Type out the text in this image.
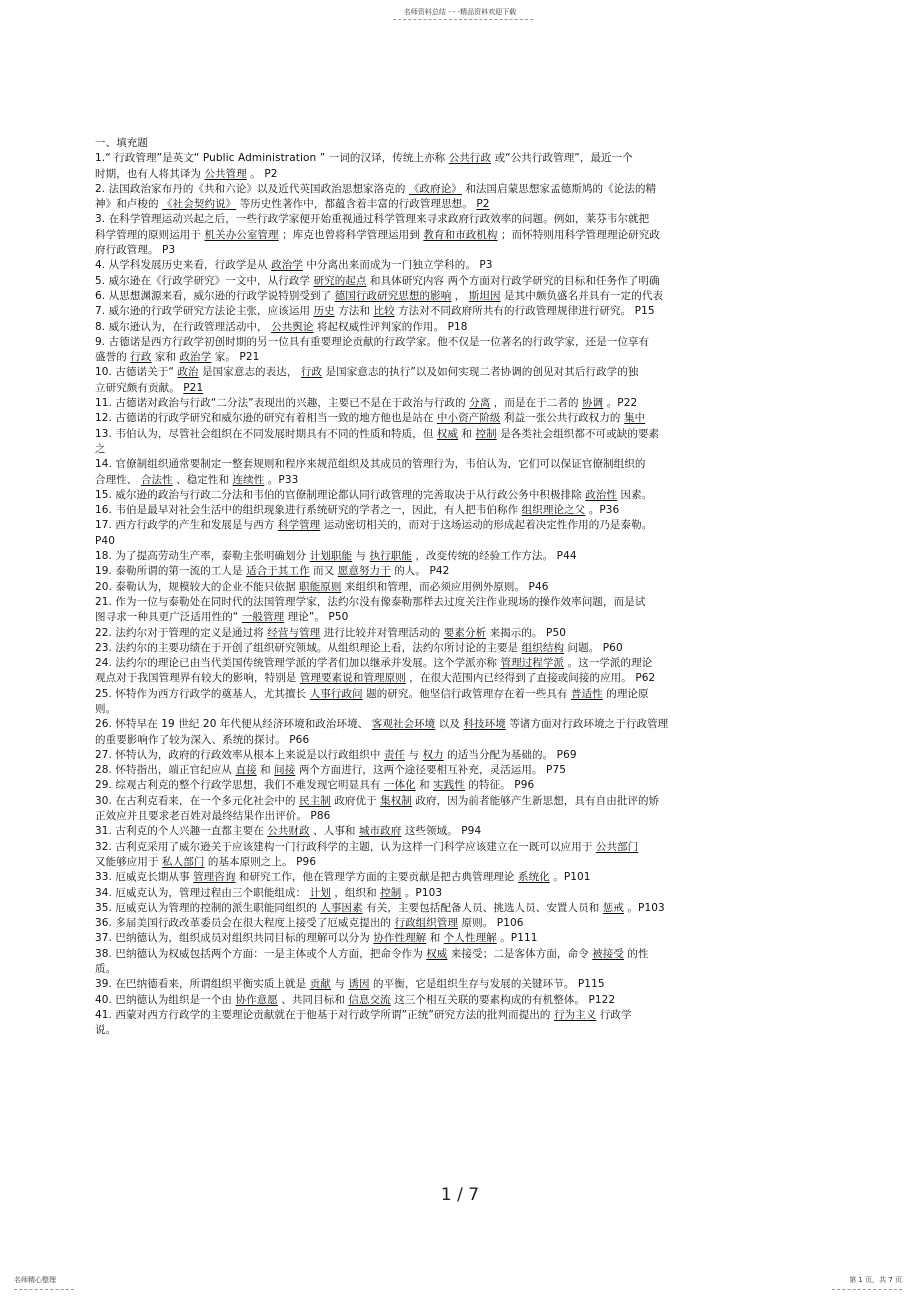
名师资料总结 - - -精品资料欢迎下载
一、填充题
1.“ 行政管理”是英文“ Public Administration ” 一词的汉译，传统上亦称 公共行政 或“公共行政管理”，最近一个
时期，也有人将其译为 公共管理 。 P2
2. 法国政治家布丹的《共和六论》以及近代英国政治思想家洛克的 《政府论》 和法国启蒙思想家孟德斯鸠的《论法的精
神》和卢梭的 《社会契约说》 等历史性著作中，都蕴含着丰富的行政管理思想。 P2
3. 在科学管理运动兴起之后，一些行政学家便开始重视通过科学管理来寻求政府行政效率的问题。例如，莱芬韦尔就把
科学管理的原则运用于 机关办公室管理 ；库克也曾将科学管理运用到 教育和市政机构 ；而怀特则用科学管理理论研究政
府行政管理。 P3
4. 从学科发展历史来看，行政学是从 政治学 中分离出来而成为一门独立学科的。 P3
5. 威尔逊在《行政学研究》一文中，从行政学 研究的起点 和具体研究内容 两个方面对行政学研究的目标和任务作了明确
6. 从思想渊源来看，威尔逊的行政学说特别受到了 德国行政研究思想的影响 ， 斯坦因 是其中颇负盛名并具有一定的代表
7. 威尔逊的行政学研究方法论主张，应该运用 历史 方法和 比较 方法对不同政府所共有的行政管理规律进行研究。 P15
8. 威尔逊认为，在行政管理活动中， 公共舆论 将起权威性评判家的作用。 P18
9. 古德诺是西方行政学初创时期的另一位具有重要理论贡献的行政学家。他不仅是一位著名的行政学家，还是一位享有
盛誉的 行政 家和 政治学 家。 P21
10. 古德诺关于“ 政治 是国家意志的表达， 行政 是国家意志的执行”以及如何实现二者协调的创见对其后行政学的独
立研究颇有贡献。 P21
11. 古德诺对政治与行政“二分法”表现出的兴趣，主要已不是在于政治与行政的 分离 ，而是在于二者的 协调 。P22
12. 古德诺的行政学研究和威尔逊的研究有着相当一致的地方他也是站在 中小资产阶级 利益一张公共行政权力的 集中
13. 韦伯认为，尽管社会组织在不同发展时期具有不同的性质和特质，但 权威 和 控制 是各类社会组织都不可或缺的要素
之
14. 官僚制组织通常要制定一整套规则和程序来规范组织及其成员的管理行为，韦伯认为，它们可以保证官僚制组织的
合理性、 合法性 、稳定性和 连续性 。P33
15. 威尔逊的政治与行政二分法和韦伯的官僚制理论都认同行政管理的完善取决于从行政公务中积极排除 政治性 因素。
16. 韦伯是最早对社会生活中的组织现象进行系统研究的学者之一，因此，有人把韦伯称作 组织理论之父 。P36
17. 西方行政学的产生和发展是与西方 科学管理 运动密切相关的，而对于这场运动的形成起着决定性作用的乃是泰勒。
P40
18. 为了提高劳动生产率，泰勒主张明确划分 计划职能 与 执行职能 ，改变传统的经验工作方法。 P44
19. 泰勒所谓的第一流的工人是 适合于其工作 而又 愿意努力干 的人。 P42
20. 泰勒认为，规模较大的企业不能只依据 职能原则 来组织和管理，而必须应用例外原则。 P46
21. 作为一位与泰勒处在同时代的法国管理学家，法约尔没有像泰勒那样去过度关注作业现场的操作效率问题，而是试
图寻求一种具更广泛适用性的“ 一般管理 理论”。 P50
22. 法约尔对于管理的定义是通过将 经营与管理 进行比较并对管理活动的 要素分析 来揭示的。 P50
23. 法约尔的主要功绩在于开创了组织研究领域。从组织理论上看，法约尔所讨论的主要是 组织结构 问题。 P60
24. 法约尔的理论已由当代美国传统管理学派的学者们加以继承并发展。这个学派亦称 管理过程学派 。这一学派的理论
观点对于我国管理界有较大的影响，特别是 管理要素说和管理原则 ，在很大范围内已经得到了直接或间接的应用。 P62
25. 怀特作为西方行政学的奠基人，尤其擅长 人事行政问 题的研究。他坚信行政管理存在着一些具有 普适性 的理论原
则。
26. 怀特早在 19 世纪 20 年代便从经济环境和政治环境、 客观社会环境 以及 科技环境 等诸方面对行政环境之于行政管理
的重要影响作了较为深入、系统的探讨。 P66
27. 怀特认为，政府的行政效率从根本上来说是以行政组织中 责任 与 权力 的适当分配为基础的。 P69
28. 怀特指出，端正官纪应从 直接 和 间接 两个方面进行，这两个途径要相互补充，灵活运用。 P75
29. 综观古利克的整个行政学思想，我们不难发现它明显具有 一体化 和 实践性 的特征。 P96
30. 在古利克看来，在一个多元化社会中的 民主制 政府优于 集权制 政府，因为前者能够产生新思想，具有自由批评的矫
正效应并且要求老百姓对最终结果作出评价。 P86
31. 古利克的个人兴趣一直都主要在 公共财政 、人事和 城市政府 这些领域。 P94
32. 古利克采用了威尔逊关于应该建构一门行政科学的主题，认为这样一门科学应该建立在一既可以应用于 公共部门
又能够应用于 私人部门 的基本原则之上。 P96
33. 厄威克长期从事 管理咨询 和研究工作，他在管理学方面的主要贡献是把古典管理理论 系统化 。P101
34. 厄威克认为，管理过程由三个职能组成： 计划 ，组织和 控制 。P103
35. 厄威克认为管理的控制的派生职能同组织的 人事因素 有关，主要包括配备人员、挑选人员、安置人员和 惩戒 。P103
36. 多届美国行政改革委员会在很大程度上接受了厄威克提出的 行政组织管理 原则。 P106
37. 巴纳德认为，组织成员对组织共同目标的理解可以分为 协作性理解 和 个人性理解 。P111
38. 巴纳德认为权威包括两个方面：一是主体或个人方面，把命令作为 权威 来接受；二是客体方面，命令 被接受 的性
质。
39. 在巴纳德看来，所谓组织平衡实质上就是 贡献 与 诱因 的平衡，它是组织生存与发展的关键环节。 P115
40. 巴纳德认为组织是一个由 协作意愿 、共同目标和 信息交流 这三个相互关联的要素构成的有机整体。 P122
41. 西蒙对西方行政学的主要理论贡献就在于他基于对行政学所谓”正统”研究方法的批判而提出的 行为主义 行政学
说。
1 / 7
名师精心整理	第 1 页，共 7 页
